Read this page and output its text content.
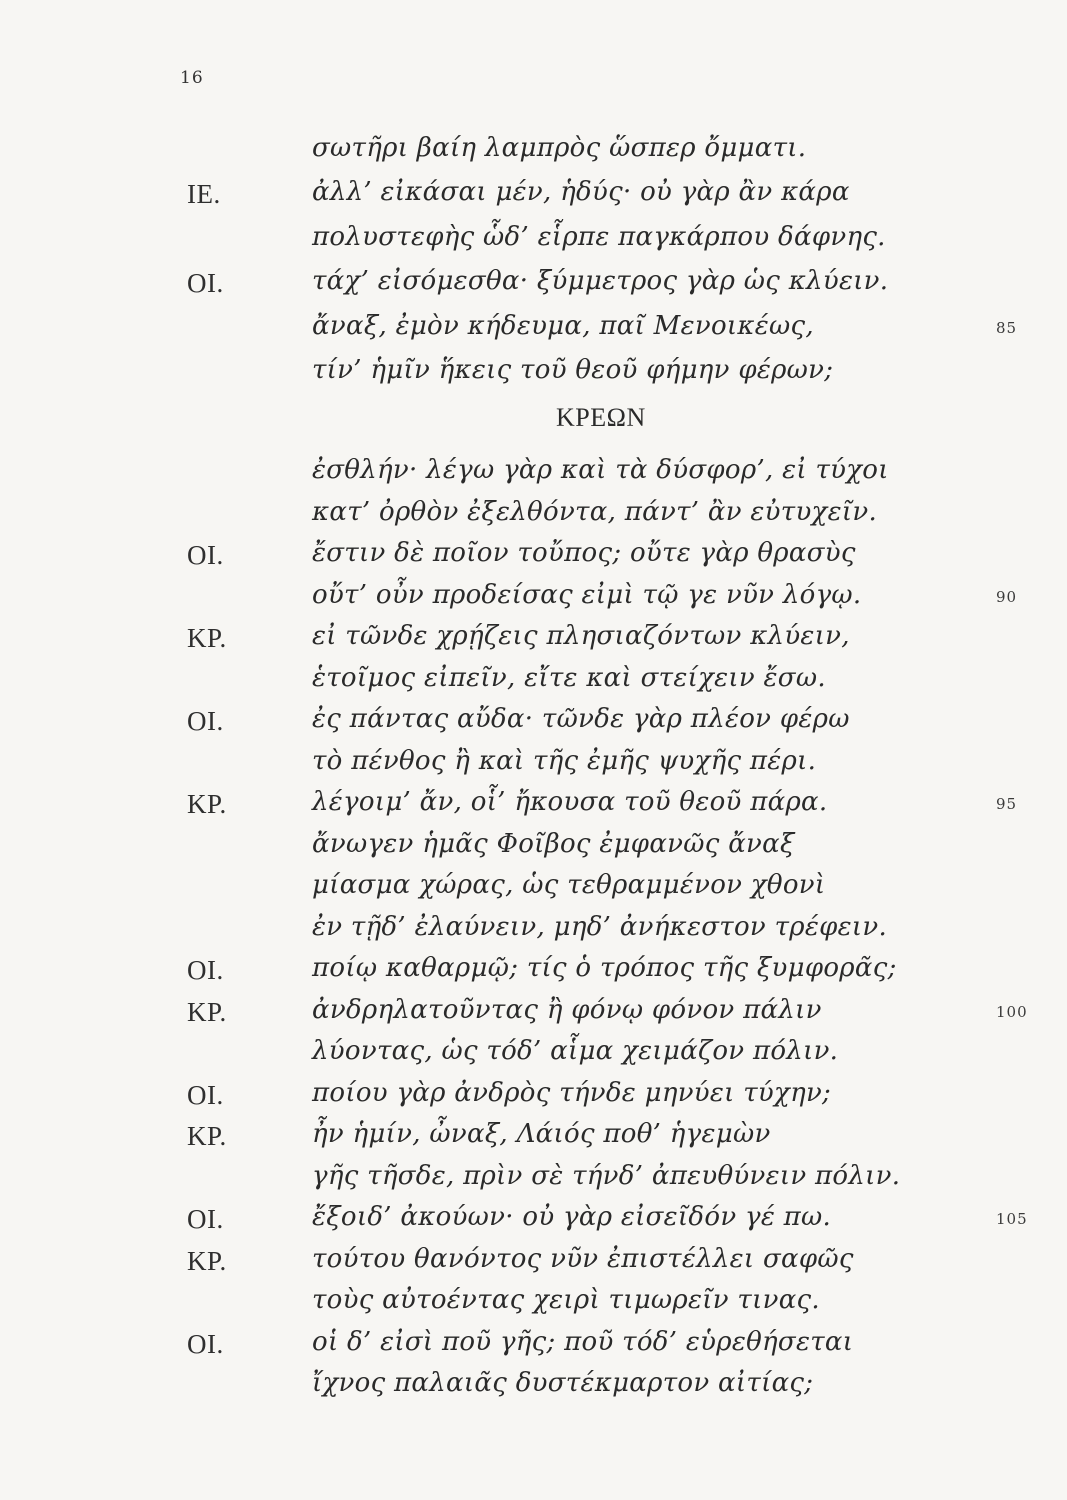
16
σωτῆρι βαίη λαμπρὸς ὥσπερ ὄμματι.
ΙΕ.	ἀλλ’ εἰκάσαι μέν, ἡδύς· οὐ γὰρ ἂν κάρα
πολυστεφὴς ὧδ’ εἷρπε παγκάρπου δάφνης.
ΟΙ.	τάχ’ εἰσόμεσθα· ξύμμετρος γὰρ ὡς κλύειν.
ἄναξ, ἐμὸν κήδευμα, παῖ Μενοικέως,	85
τίν’ ἡμῖν ἥκεις τοῦ θεοῦ φήμην φέρων;
ΚΡΕΩΝ
ἐσθλήν· λέγω γὰρ καὶ τὰ δύσφορ’, εἰ τύχοι
κατ’ ὀρθὸν ἐξελθόντα, πάντ’ ἂν εὐτυχεῖν.
ΟΙ.	ἔστιν δὲ ποῖον τοὔπος; οὔτε γὰρ θρασὺς
οὔτ’ οὖν προδείσας εἰμὶ τῷ γε νῦν λόγῳ.	90
ΚΡ.	εἰ τῶνδε χρῄζεις πλησιαζόντων κλύειν,
ἑτοῖμος εἰπεῖν, εἴτε καὶ στείχειν ἔσω.
ΟΙ.	ἐς πάντας αὔδα· τῶνδε γὰρ πλέον φέρω
τὸ πένθος ἢ καὶ τῆς ἐμῆς ψυχῆς πέρι.
ΚΡ.	λέγοιμ’ ἄν, οἷ’ ἤκουσα τοῦ θεοῦ πάρα.	95
ἄνωγεν ἡμᾶς Φοῖβος ἐμφανῶς ἄναξ
μίασμα χώρας, ὡς τεθραμμένον χθονὶ
ἐν τῇδ’ ἐλαύνειν, μηδ’ ἀνήκεστον τρέφειν.
ΟΙ.	ποίῳ καθαρμῷ; τίς ὁ τρόπος τῆς ξυμφορᾶς;
ΚΡ.	ἀνδρηλατοῦντας ἢ φόνῳ φόνον πάλιν	100
λύοντας, ὡς τόδ’ αἷμα χειμάζον πόλιν.
ΟΙ.	ποίου γὰρ ἀνδρὸς τήνδε μηνύει τύχην;
ΚΡ.	ἦν ἡμίν, ὦναξ, Λάιός ποθ’ ἡγεμὼν
γῆς τῆσδε, πρὶν σὲ τήνδ’ ἀπευθύνειν πόλιν.
ΟΙ.	ἔξοιδ’ ἀκούων· οὐ γὰρ εἰσεῖδόν γέ πω.	105
ΚΡ.	τούτου θανόντος νῦν ἐπιστέλλει σαφῶς
τοὺς αὐτοέντας χειρὶ τιμωρεῖν τινας.
ΟΙ.	οἱ δ’ εἰσὶ ποῦ γῆς; ποῦ τόδ’ εὑρεθήσεται
ἴχνος παλαιᾶς δυστέκμαρτον αἰτίας;
